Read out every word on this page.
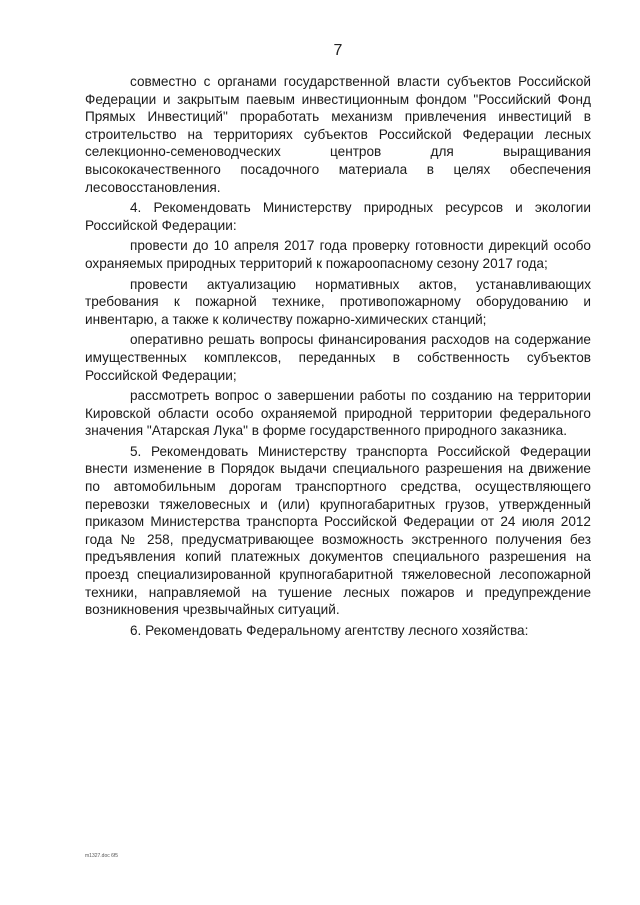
7

совместно с органами государственной власти субъектов Российской Федерации и закрытым паевым инвестиционным фондом "Российский Фонд Прямых Инвестиций" проработать механизм привлечения инвестиций в строительство на территориях субъектов Российской Федерации лесных селекционно-семеноводческих центров для выращивания высококачественного посадочного материала в целях обеспечения лесовосстановления.

4. Рекомендовать Министерству природных ресурсов и экологии Российской Федерации:

провести до 10 апреля 2017 года проверку готовности дирекций особо охраняемых природных территорий к пожароопасному сезону 2017 года;

провести актуализацию нормативных актов, устанавливающих требования к пожарной технике, противопожарному оборудованию и инвентарю, а также к количеству пожарно-химических станций;

оперативно решать вопросы финансирования расходов на содержание имущественных комплексов, переданных в собственность субъектов Российской Федерации;

рассмотреть вопрос о завершении работы по созданию на территории Кировской области особо охраняемой природной территории федерального значения "Атарская Лука" в форме государственного природного заказника.

5. Рекомендовать Министерству транспорта Российской Федерации внести изменение в Порядок выдачи специального разрешения на движение по автомобильным дорогам транспортного средства, осуществляющего перевозки тяжеловесных и (или) крупногабаритных грузов, утвержденный приказом Министерства транспорта Российской Федерации от 24 июля 2012 года № 258, предусматривающее возможность экстренного получения без предъявления копий платежных документов специального разрешения на проезд специализированной крупногабаритной тяжеловесной лесопожарной техники, направляемой на тушение лесных пожаров и предупреждение возникновения чрезвычайных ситуаций.

6. Рекомендовать Федеральному агентству лесного хозяйства:

m1327.doc 6f5
